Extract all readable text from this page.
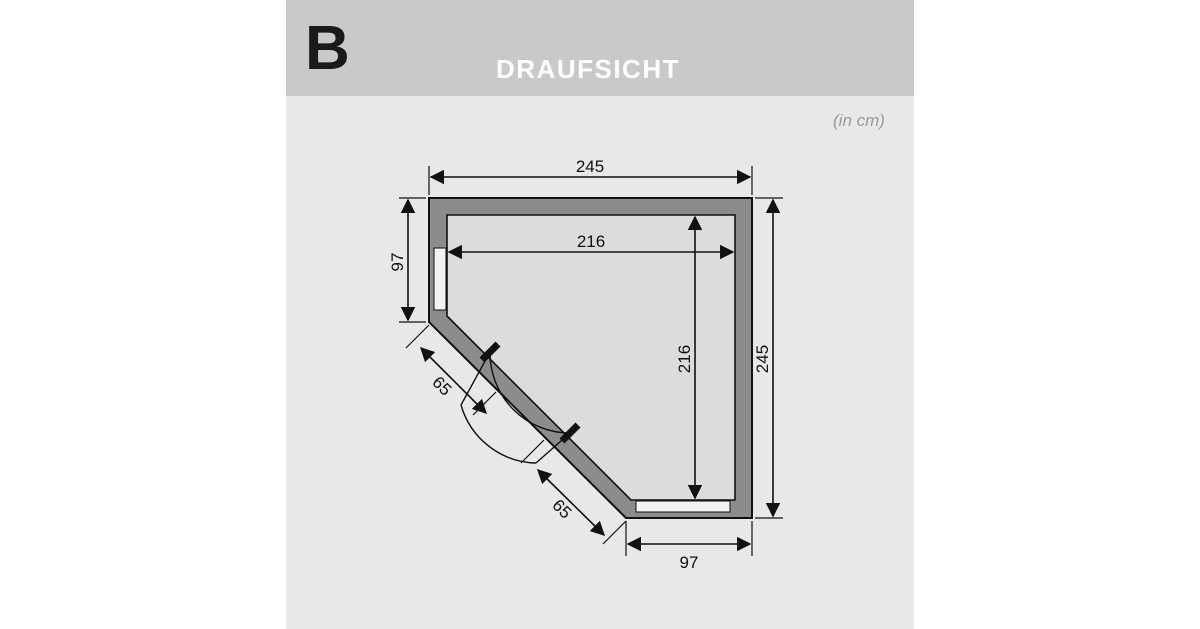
B	DRAUFSICHT
(in cm)
245
216
245
216
97
65
65
97
